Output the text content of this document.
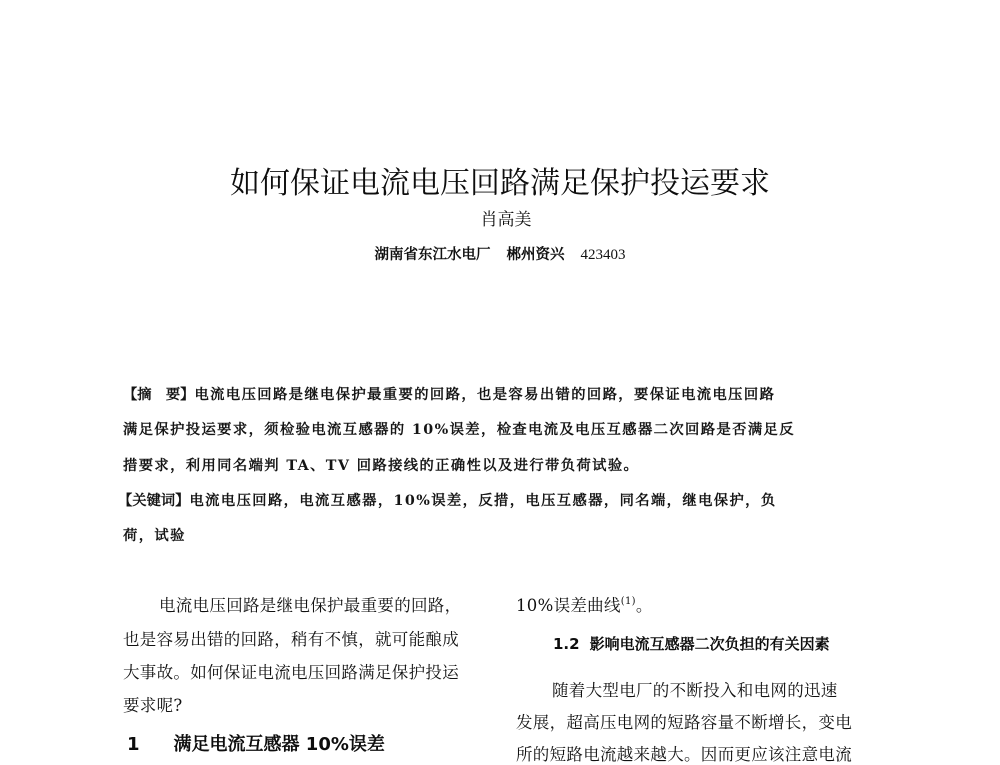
如何保证电流电压回路满足保护投运要求
肖高美
湖南省东江水电厂 郴州资兴 423403
【摘　要】电流电压回路是继电保护最重要的回路，也是容易出错的回路，要保证电流电压回路
满足保护投运要求，须检验电流互感器的 10%误差，检查电流及电压互感器二次回路是否满足反
措要求，利用同名端判 TA、TV 回路接线的正确性以及进行带负荷试验。
【关键词】电流电压回路，电流互感器，10%误差，反措，电压互感器，同名端，继电保护，负
荷，试验
电流电压回路是继电保护最重要的回路，
也是容易出错的回路，稍有不慎，就可能酿成
大事故。如何保证电流电压回路满足保护投运
要求呢?
1 满足电流互感器 10%误差
10%误差曲线$^{(1)}$。
1.2 影响电流互感器二次负担的有关因素
随着大型电厂的不断投入和电网的迅速
发展，超高压电网的短路容量不断增长，变电
所的短路电流越来越大。因而更应该注意电流
